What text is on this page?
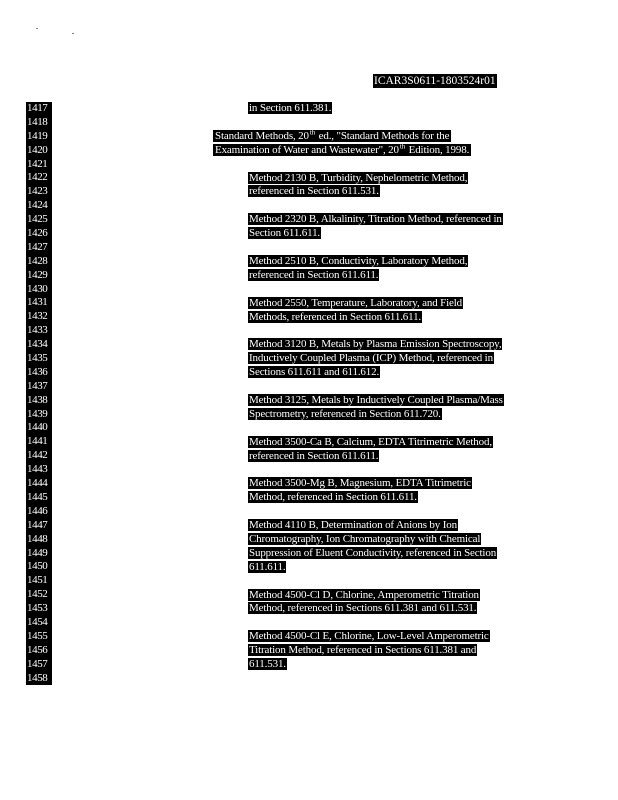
ICAR3S0611-1803524r01
1417
1418
1419
1420
1421
1422
1423
1424
1425
1426
1427
1428
1429
1430
1431
1432
1433
1434
1435
1436
1437
1438
1439
1440
1441
1442
1443
1444
1445
1446
1447
1448
1449
1450
1451
1452
1453
1454
1455
1456
1457
1458
in Section 611.381.
Standard Methods, 20th ed., "Standard Methods for the
Examination of Water and Wastewater", 20th Edition, 1998.
Method 2130 B, Turbidity, Nephelometric Method,
referenced in Section 611.531.
Method 2320 B, Alkalinity, Titration Method, referenced in
Section 611.611.
Method 2510 B, Conductivity, Laboratory Method,
referenced in Section 611.611.
Method 2550, Temperature, Laboratory, and Field
Methods, referenced in Section 611.611.
Method 3120 B, Metals by Plasma Emission Spectroscopy,
Inductively Coupled Plasma (ICP) Method, referenced in
Sections 611.611 and 611.612.
Method 3125, Metals by Inductively Coupled Plasma/Mass
Spectrometry, referenced in Section 611.720.
Method 3500-Ca B, Calcium, EDTA Titrimetric Method,
referenced in Section 611.611.
Method 3500-Mg B, Magnesium, EDTA Titrimetric
Method, referenced in Section 611.611.
Method 4110 B, Determination of Anions by Ion
Chromatography, Ion Chromatography with Chemical
Suppression of Eluent Conductivity, referenced in Section
611.611.
Method 4500-Cl D, Chlorine, Amperometric Titration
Method, referenced in Sections 611.381 and 611.531.
Method 4500-Cl E, Chlorine, Low-Level Amperometric
Titration Method, referenced in Sections 611.381 and
611.531.
